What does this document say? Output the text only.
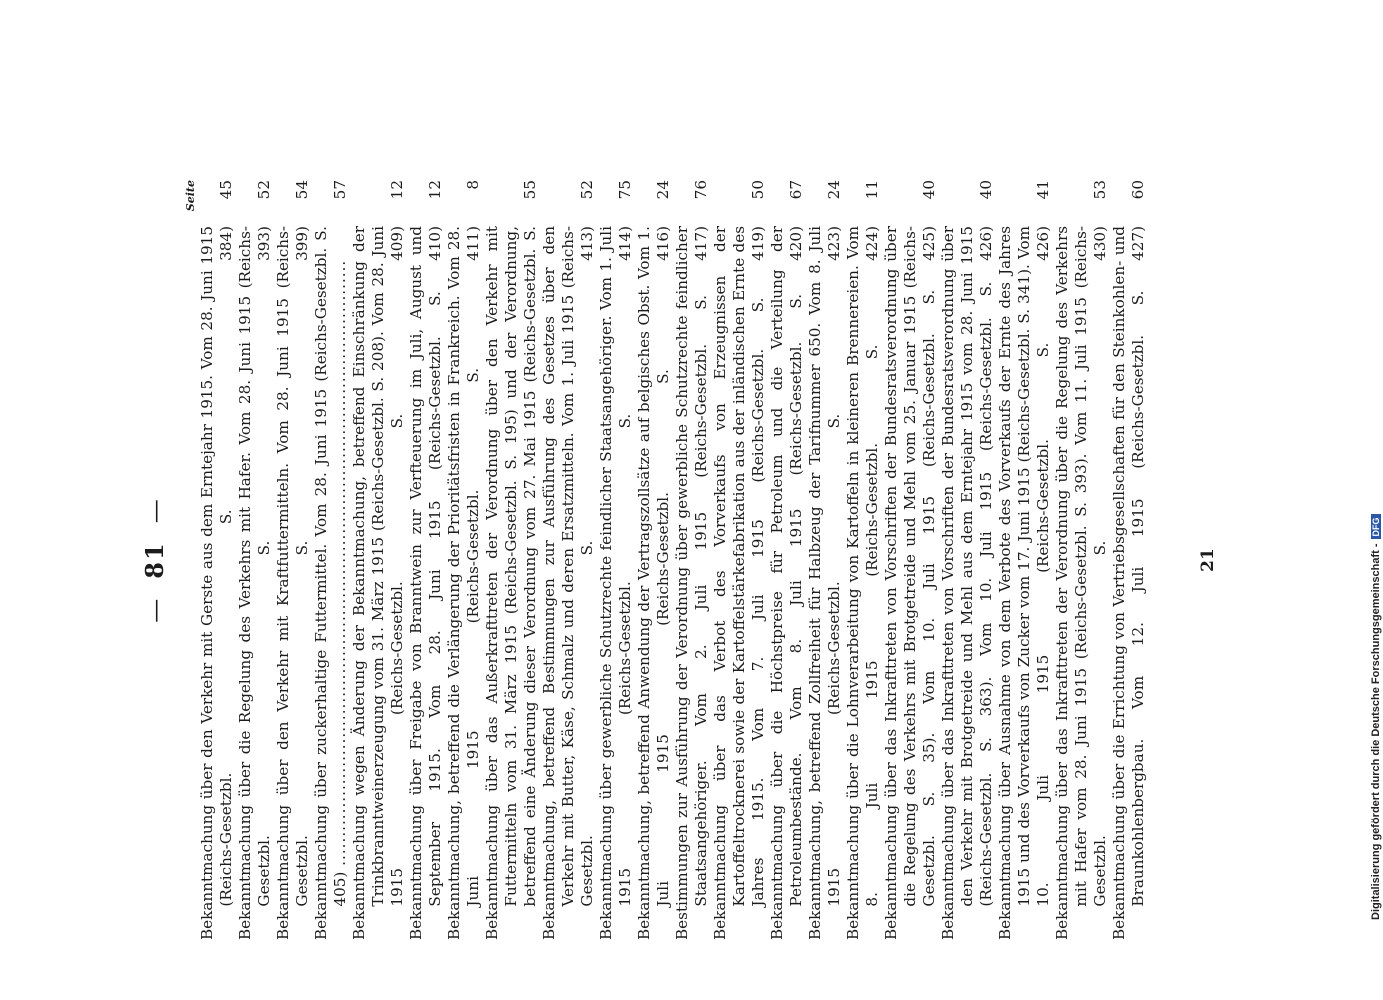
—81—
Seite
Bekanntmachung über den Verkehr mit Gerste aus dem Erntejahr 1915. Vom 28. Juni 1915 (Reichs-Gesetzbl. S. 384) .....
45
Bekanntmachung über die Regelung des Verkehrs mit Hafer. Vom 28. Juni 1915 (Reichs-Gesetzbl. S. 393) .....
52
Bekanntmachung über den Verkehr mit Kraftfuttermitteln. Vom 28. Juni 1915 (Reichs-Gesetzbl. S. 399) .....
54
Bekanntmachung über zuckerhaltige Futtermittel. Vom 28. Juni 1915 (Reichs-Gesetzbl. S. 405) .....
57
Bekanntmachung wegen Änderung der Bekanntmachung, betreffend Einschränkung der Trinkbranntweinerzeugung vom 31. März 1915 (Reichs-Gesetzbl. S. 208). Vom 28. Juni 1915 (Reichs-Gesetzbl. S. 409) .....
12
Bekanntmachung über Freigabe von Branntwein zur Verfteuerung im Juli, August und September 1915. Vom 28. Juni 1915 (Reichs-Gesetzbl. S. 410) .....
12
Bekanntmachung, betreffend die Verlängerung der Prioritätsfristen in Frankreich. Vom 28. Juni 1915 (Reichs-Gesetzbl. S. 411) .....
8
Bekanntmachung über das Außerkrafttreten der Verordnung über den Verkehr mit Futtermitteln vom 31. März 1915 (Reichs-Gesetzbl. S. 195) und der Verordnung, betreffend eine Änderung dieser Verordnung vom 27. Mai 1915 (Reichs-Gesetzbl. S. .....
55
Bekanntmachung, betreffend Bestimmungen zur Ausführung des Gesetzes über den Verkehr mit Butter, Käse, Schmalz und deren Ersatzmitteln. Vom 1. Juli 1915 (Reichs-Gesetzbl. S. 413) .....
52
Bekanntmachung über gewerbliche Schutzrechte feindlicher Staatsangehöriger. Vom 1. Juli 1915 (Reichs-Gesetzbl. S. 414) .....
75
Bekanntmachung, betreffend Anwendung der Vertragszollsätze auf belgisches Obst. Vom 1. Juli 1915 (Reichs-Gesetzbl. S. 416) .....
24
Bestimmungen zur Ausführung der Verordnung über gewerbliche Schutzrechte feindlicher Staatsangehöriger. Vom 2. Juli 1915 (Reichs-Gesetzbl. S. 417) .....
76
Bekanntmachung über das Verbot des Vorverkaufs von Erzeugnissen der Kartoffeltrocknerei sowie der Kartoffelstärkefabrikation aus der inländischen Ernte des Jahres 1915. Vom 7. Juli 1915 (Reichs-Gesetzbl. S. 419) .....
50
Bekanntmachung über die Höchstpreise für Petroleum und die Verteilung der Petroleumbestände. Vom 8. Juli 1915 (Reichs-Gesetzbl. S. 420) .....
67
Bekanntmachung, betreffend Zollfreiheit für Halbzeug der Tarifnummer 650. Vom 8. Juli 1915 (Reichs-Gesetzbl. S. 423) .....
24
Bekanntmachung über die Lohnverarbeitung von Kartoffeln in kleineren Brennereien. Vom 8. Juli 1915 (Reichs-Gesetzbl. S. 424) .....
11
Bekanntmachung über das Inkrafttreten von Vorschriften der Bundesratsverordnung über die Regelung des Verkehrs mit Brotgetreide und Mehl vom 25. Januar 1915 (Reichs-Gesetzbl. S. 35). Vom 10. Juli 1915 (Reichs-Gesetzbl. S. 425) .....
40
Bekanntmachung über das Inkrafttreten von Vorschriften der Bundesratsverordnung über den Verkehr mit Brotgetreide und Mehl aus dem Erntejahr 1915 vom 28. Juni 1915 (Reichs-Gesetzbl. S. 363). Vom 10. Juli 1915 (Reichs-Gesetzbl. S. 426) .....
40
Bekanntmachung über Ausnahme von dem Verbote des Vorverkaufs der Ernte des Jahres 1915 und des Vorverkaufs von Zucker vom 17. Juni 1915 (Reichs-Gesetzbl. S. 341). Vom 10. Juli 1915 (Reichs-Gesetzbl. S. 426) .....
41
Bekanntmachung über das Inkrafttreten der Verordnung über die Regelung des Verkehrs mit Hafer vom 28. Juni 1915 (Reichs-Gesetzbl. S. 393). Vom 11. Juli 1915 (Reichs-Gesetzbl. S. 430) .....
53
Bekanntmachung über die Errichtung von Vertriebsgesellschaften für den Steinkohlen- und Braunkohlenbergbau. Vom 12. Juli 1915 (Reichs-Gesetzbl. S. 427) .....
60
21	Digitalisierung gefördert durch die Deutsche Forschungsgemeinschaft -DFG
